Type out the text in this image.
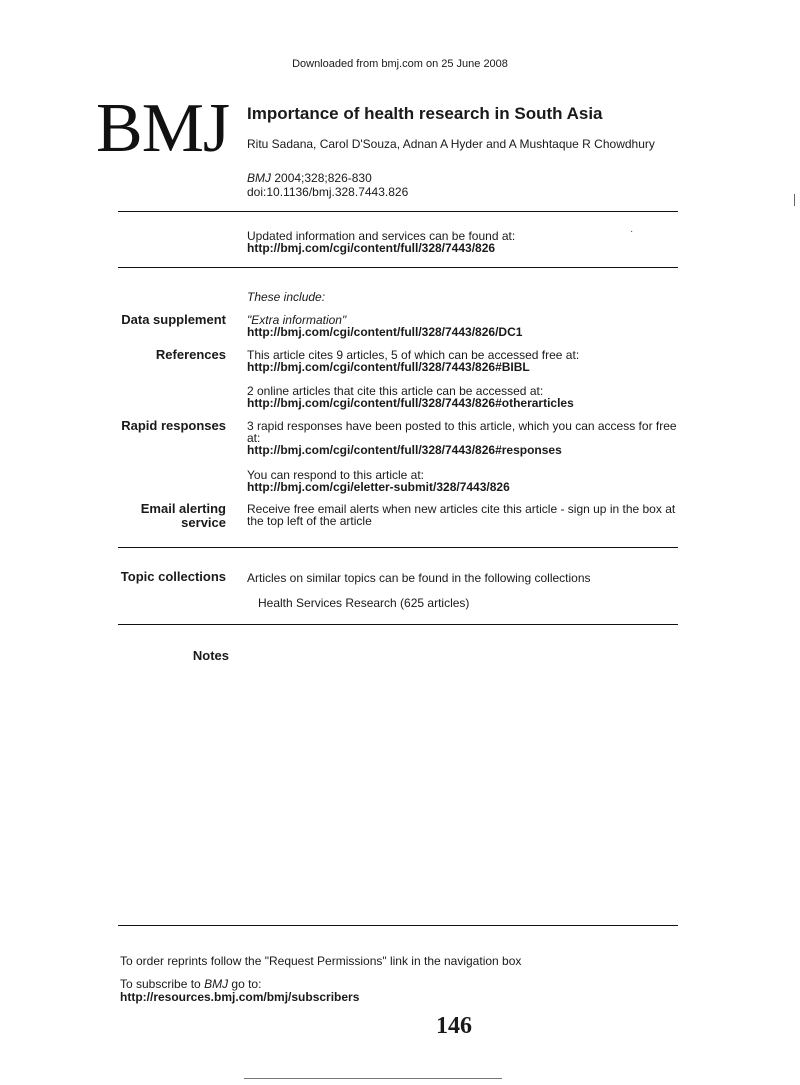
Downloaded from bmj.com on 25 June 2008
BMJ Importance of health research in South Asia
Ritu Sadana, Carol D'Souza, Adnan A Hyder and A Mushtaque R Chowdhury
BMJ 2004;328;826-830
doi:10.1136/bmj.328.7443.826
Updated information and services can be found at:
http://bmj.com/cgi/content/full/328/7443/826
These include:
Data supplement "Extra information"
http://bmj.com/cgi/content/full/328/7443/826/DC1
References This article cites 9 articles, 5 of which can be accessed free at:
http://bmj.com/cgi/content/full/328/7443/826#BIBL
2 online articles that cite this article can be accessed at:
http://bmj.com/cgi/content/full/328/7443/826#otherarticles
Rapid responses 3 rapid responses have been posted to this article, which you can access for free at:
http://bmj.com/cgi/content/full/328/7443/826#responses
You can respond to this article at:
http://bmj.com/cgi/eletter-submit/328/7443/826
Email alerting
service
Receive free email alerts when new articles cite this article - sign up in the box at the top left of the article
Topic collections Articles on similar topics can be found in the following collections
Health Services Research (625 articles)
Notes
To order reprints follow the "Request Permissions" link in the navigation box
To subscribe to BMJ go to:
http://resources.bmj.com/bmj/subscribers
146
·
